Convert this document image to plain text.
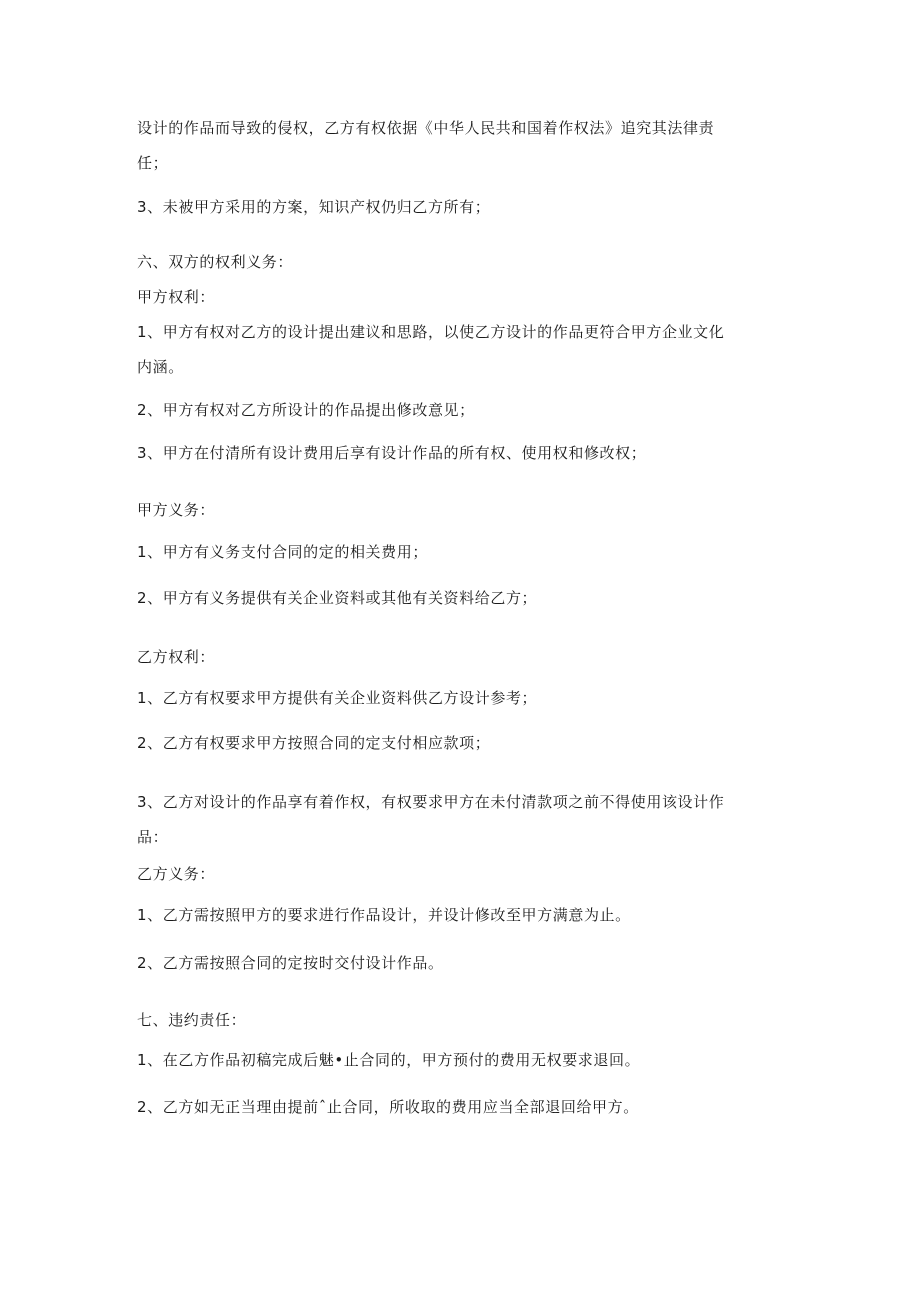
设计的作品而导致的侵权，乙方有权依据《中华人民共和国着作权法》追究其法律责
任；
3、未被甲方采用的方案，知识产权仍归乙方所有；
六、双方的权利义务：
甲方权利：
1、甲方有权对乙方的设计提出建议和思路，以使乙方设计的作品更符合甲方企业文化
内涵。
2、甲方有权对乙方所设计的作品提出修改意见；
3、甲方在付清所有设计费用后享有设计作品的所有权、使用权和修改权；
甲方义务：
1、甲方有义务支付合同的定的相关费用；
2、甲方有义务提供有关企业资料或其他有关资料给乙方；
乙方权利：
1、乙方有权要求甲方提供有关企业资料供乙方设计参考；
2、乙方有权要求甲方按照合同的定支付相应款项；
3、乙方对设计的作品享有着作权，有权要求甲方在未付清款项之前不得使用该设计作
品：
乙方义务：
1、乙方需按照甲方的要求进行作品设计，并设计修改至甲方满意为止。
2、乙方需按照合同的定按时交付设计作品。
七、违约责任：
1、在乙方作品初稿完成后魅•止合同的，甲方预付的费用无权要求退回。
2、乙方如无正当理由提前ˆ止合同，所收取的费用应当全部退回给甲方。
